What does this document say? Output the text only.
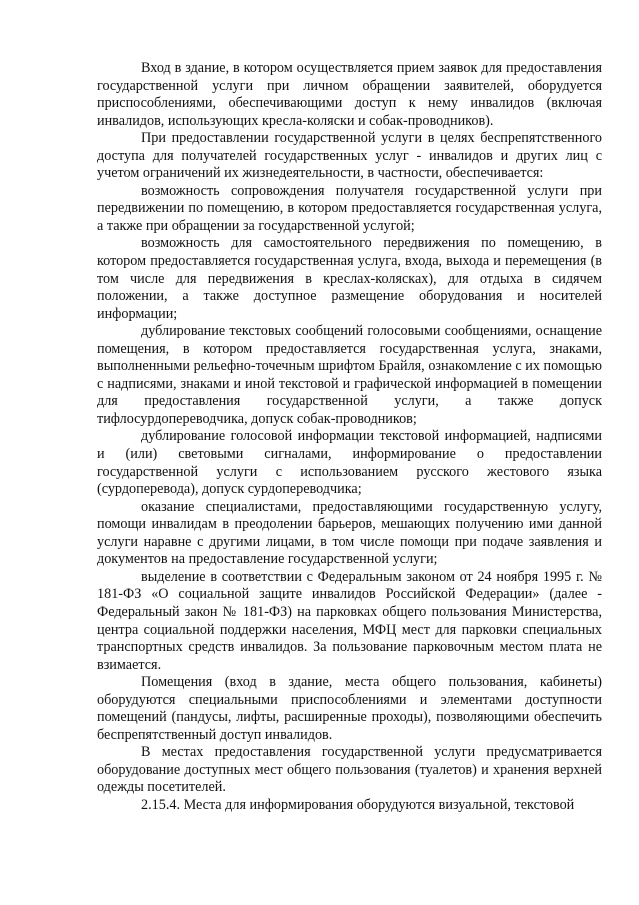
Вход в здание, в котором осуществляется прием заявок для предоставления государственной услуги при личном обращении заявителей, оборудуется приспособлениями, обеспечивающими доступ к нему инвалидов (включая инвалидов, использующих кресла-коляски и собак-проводников).

При предоставлении государственной услуги в целях беспрепятственного доступа для получателей государственных услуг - инвалидов и других лиц с учетом ограничений их жизнедеятельности, в частности, обеспечивается:

возможность сопровождения получателя государственной услуги при передвижении по помещению, в котором предоставляется государственная услуга, а также при обращении за государственной услугой;

возможность для самостоятельного передвижения по помещению, в котором предоставляется государственная услуга, входа, выхода и перемещения (в том числе для передвижения в креслах-колясках), для отдыха в сидячем положении, а также доступное размещение оборудования и носителей информации;

дублирование текстовых сообщений голосовыми сообщениями, оснащение помещения, в котором предоставляется государственная услуга, знаками, выполненными рельефно-точечным шрифтом Брайля, ознакомление с их помощью с надписями, знаками и иной текстовой и графической информацией в помещении для предоставления государственной услуги, а также допуск тифлосурдопереводчика, допуск собак-проводников;

дублирование голосовой информации текстовой информацией, надписями и (или) световыми сигналами, информирование о предоставлении государственной услуги с использованием русского жестового языка (сурдоперевода), допуск сурдопереводчика;

оказание специалистами, предоставляющими государственную услугу, помощи инвалидам в преодолении барьеров, мешающих получению ими данной услуги наравне с другими лицами, в том числе помощи при подаче заявления и документов на предоставление государственной услуги;

выделение в соответствии с Федеральным законом от 24 ноября 1995 г. № 181-ФЗ «О социальной защите инвалидов Российской Федерации» (далее - Федеральный закон № 181-ФЗ) на парковках общего пользования Министерства, центра социальной поддержки населения, МФЦ мест для парковки специальных транспортных средств инвалидов. За пользование парковочным местом плата не взимается.

Помещения (вход в здание, места общего пользования, кабинеты) оборудуются специальными приспособлениями и элементами доступности помещений (пандусы, лифты, расширенные проходы), позволяющими обеспечить беспрепятственный доступ инвалидов.

В местах предоставления государственной услуги предусматривается оборудование доступных мест общего пользования (туалетов) и хранения верхней одежды посетителей.

2.15.4. Места для информирования оборудуются визуальной, текстовой
